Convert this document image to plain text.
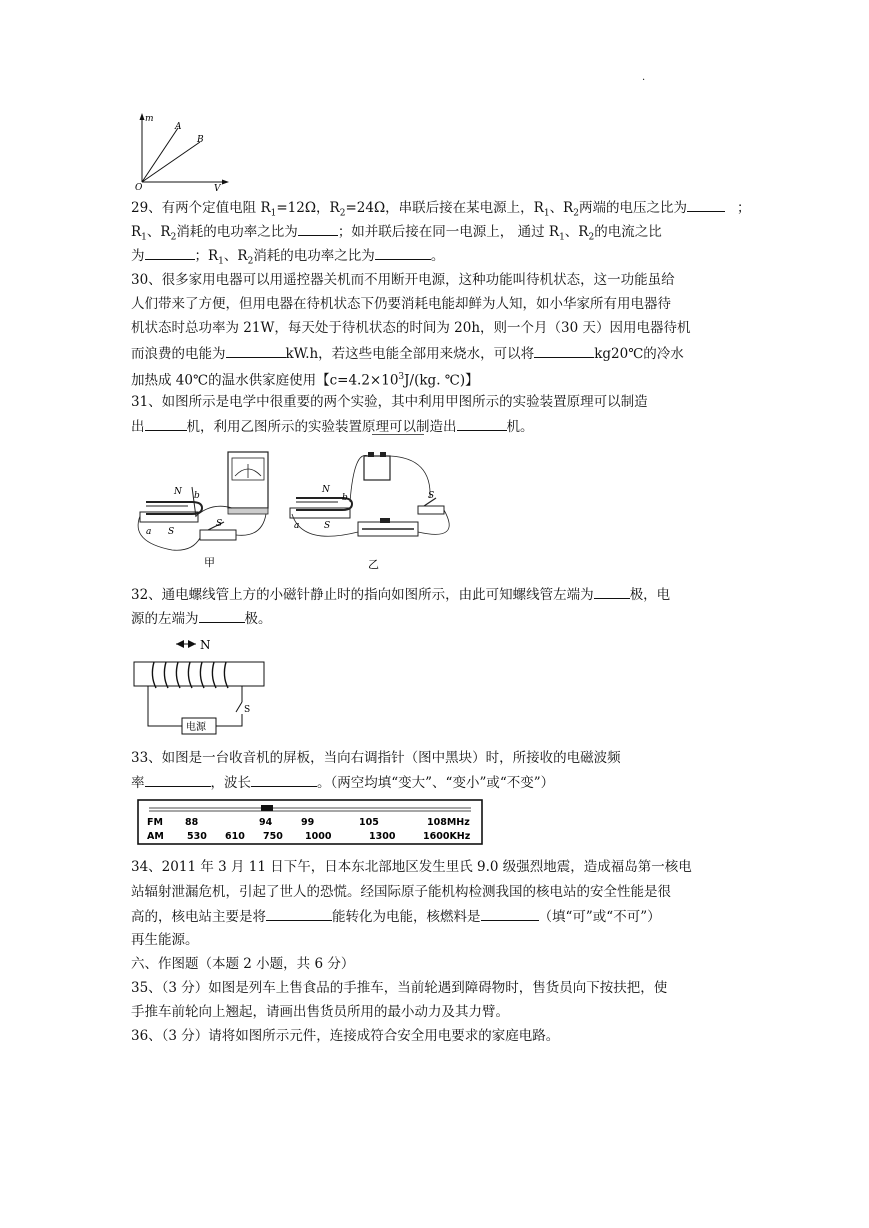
.
m
A
B
O	V
29、有两个定值电阻 $R_1=12\Omega$，$R_2=24\Omega$，串联后接在某电源上，$R_1$、$R_2$两端的电压之比为	；
$R_1$、$R_2$消耗的电功率之比为	；如并联后接在同一电源上， 通过 $R_1$、$R_2$的电流之比
为	；$R_1$、$R_2$消耗的电功率之比为	。
30、很多家用电器可以用遥控器关机而不用断开电源，这种功能叫待机状态，这一功能虽给
人们带来了方便，但用电器在待机状态下仍要消耗电能却鲜为人知，如小华家所有用电器待
机状态时总功率为 21W，每天处于待机状态的时间为 20h，则一个月（30 天）因用电器待机
而浪费的电能为	kW.h，若这些电能全部用来烧水，可以将	kg20℃的冷水
加热成 40℃的温水供家庭使用【$c=4.2\times 10^3J/(kg$. ℃)】
31、如图所示是电学中很重要的两个实验，其中利用甲图所示的实验装置原理可以制造
出	机，利用乙图所示的实验装置原理可以制造出	机。
N b
a S
S
甲
N
b
a	S
S
乙
32、通电螺线管上方的小磁针静止时的指向如图所示，由此可知螺线管左端为	极，电
源的左端为	极。
N
电源
S
33、如图是一台收音机的屏板，当向右调指针（图中黑块）时，所接收的电磁波频
率	，波长	。（两空均填“变大”、“变小”或“不变”）
FM 88	94	99	105	108MHz
AM 530 610 750 1000	1300	1600KHz
34、2011 年 3 月 11 日下午，日本东北部地区发生里氏 9.0 级强烈地震，造成福岛第一核电
站辐射泄漏危机，引起了世人的恐慌。经国际原子能机构检测我国的核电站的安全性能是很
高的，核电站主要是将	能转化为电能，核燃料是	（填“可”或“不可”）
再生能源。
六、作图题（本题 2 小题，共 6 分）
35、（3 分）如图是列车上售食品的手推车，当前轮遇到障碍物时，售货员向下按扶把，使
手推车前轮向上翘起，请画出售货员所用的最小动力及其力臂。
36、（3 分）请将如图所示元件，连接成符合安全用电要求的家庭电路。
